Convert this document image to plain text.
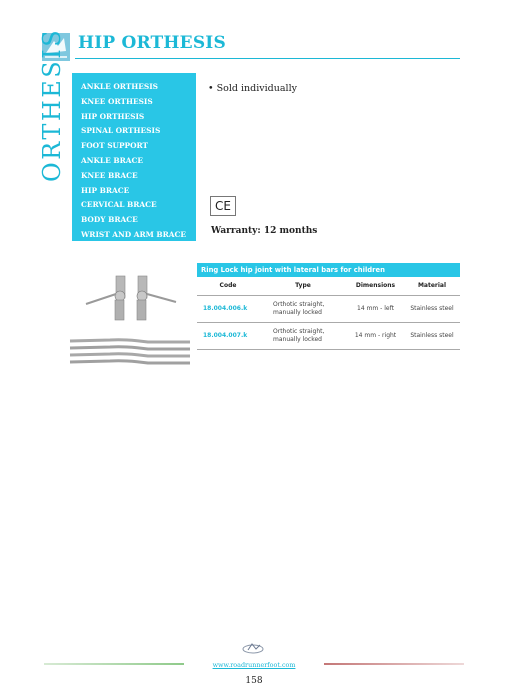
HIP ORTHESIS
ORTHESIS	ANKLE ORTHESIS
KNEE ORTHESIS
HIP ORTHESIS
SPINAL ORTHESIS
FOOT SUPPORT
ANKLE BRACE
KNEE BRACE
HIP BRACE
CERVICAL BRACE
BODY BRACE
WRIST AND ARM BRACE
• Sold individually
CE
Warranty: 12 months
Ring Lock hip joint with lateral bars for children
Code	Type	Dimensions	Material
18.004.006.k	Orthotic straight, manually locked	14 mm - left	Stainless steel
18.004.007.k	Orthotic straight, manually locked	14 mm - right	Stainless steel
www.roadrunnerfoot.com
158
